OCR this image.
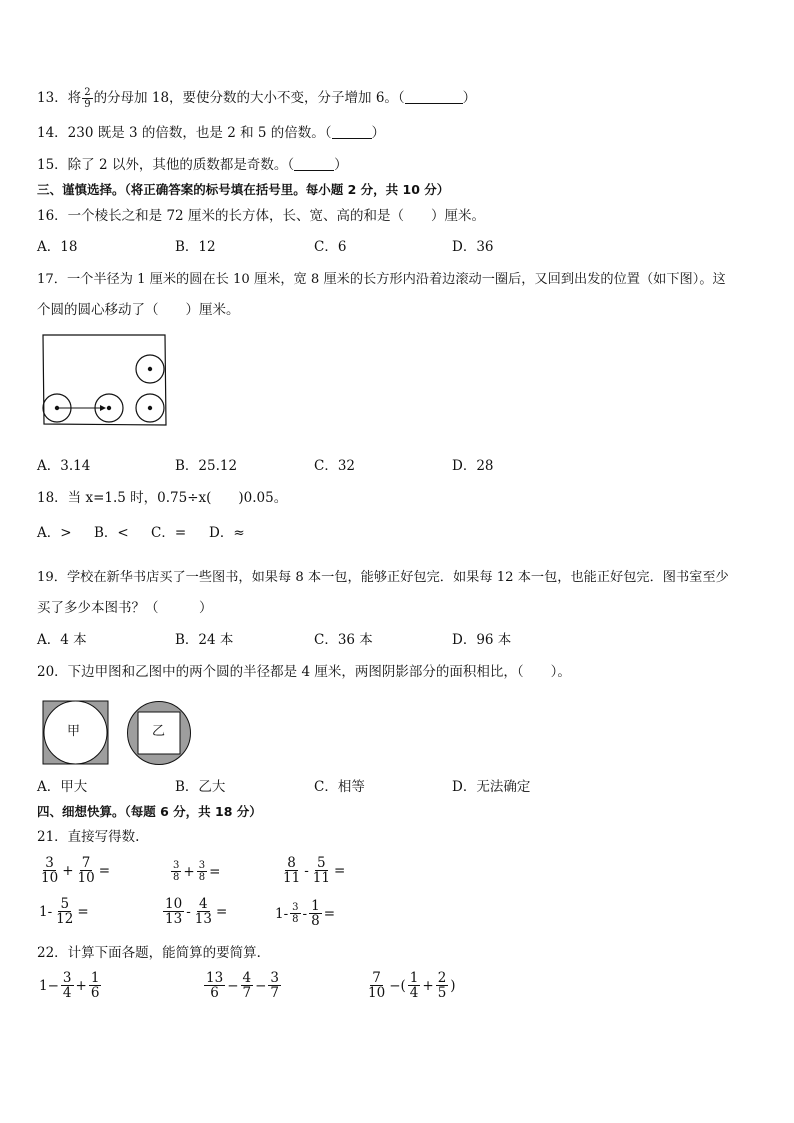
13．将 $\frac{2}{9}$ 的分母加 18，要使分数的大小不变，分子增加 6。（	）
14．230 既是 3 的倍数，也是 2 和 5 的倍数。（	）
15．除了 2 以外，其他的质数都是奇数。（	）
三、谨慎选择。（将正确答案的标号填在括号里。每小题 2 分，共 10 分）
16．一个棱长之和是 72 厘米的长方体，长、宽、高的和是（　　）厘米。
A．18	B．12	C．6	D．36
17．一个半径为 1 厘米的圆在长 10 厘米，宽 8 厘米的长方形内沿着边滚动一圈后，又回到出发的位置（如下图）。这
个圆的圆心移动了（　　）厘米。
A．3.14	B．25.12	C．32	D．28
18．当 x=1.5 时，0.75÷x(　　)0.05。
A．> B．< C．= D．≈
19．学校在新华书店买了一些图书，如果每 8 本一包，能够正好包完．如果每 12 本一包，也能正好包完．图书室至少
买了多少本图书？（　　　）
A．4 本	B．24 本	C．36 本	D．96 本
20．下边甲图和乙图中的两个圆的半径都是 4 厘米，两图阴影部分的面积相比，（　　）。
甲	乙
A．甲大	B．乙大	C．相等	D．无法确定
四、细想快算。（每题 6 分，共 18 分）
21．直接写得数.
$\frac{3}{10} + \frac{7}{10}$ =	$\frac{3}{8} + \frac{3}{8}$ =	$\frac{8}{11} - \frac{5}{11}$ =
$1- \frac{5}{12}$ =	$\frac{10}{13} - \frac{4}{13}$ =	$1- \frac{3}{8} - \frac{1}{8}$ =
22．计算下面各题，能简算的要简算．
$1- \frac{3}{4} + \frac{1}{6}$	$\frac{13}{6} - \frac{4}{7} - \frac{3}{7}$	$\frac{7}{10}$ −( $\frac{1}{4} + \frac{2}{5}$ )
